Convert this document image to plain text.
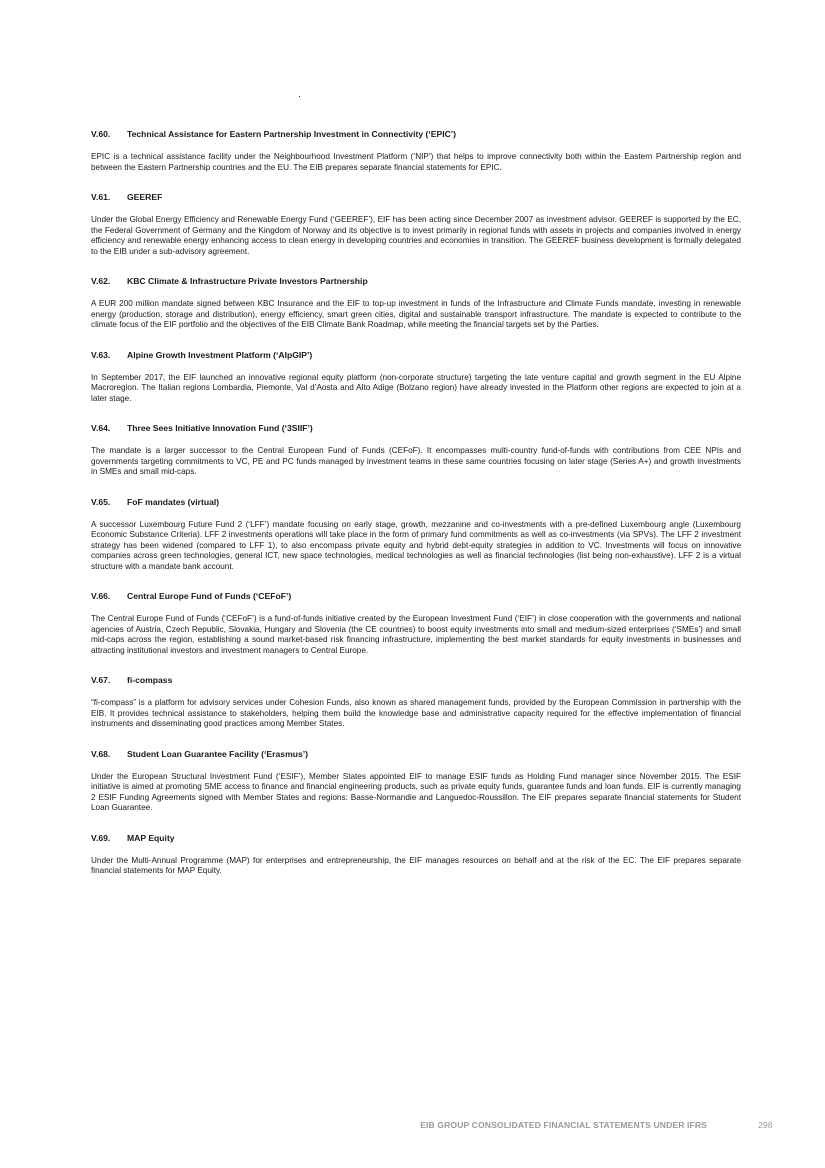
V.60. Technical Assistance for Eastern Partnership Investment in Connectivity (‘EPIC’)

EPIC is a technical assistance facility under the Neighbourhood Investment Platform (‘NIP’) that helps to improve connectivity both within the Eastern Partnership region and between the Eastern Partnership countries and the EU. The EIB prepares separate financial statements for EPIC.

V.61. GEEREF

Under the Global Energy Efficiency and Renewable Energy Fund (‘GEEREF’), EIF has been acting since December 2007 as investment advisor. GEEREF is supported by the EC, the Federal Government of Germany and the Kingdom of Norway and its objective is to invest primarily in regional funds with assets in projects and companies involved in energy efficiency and renewable energy enhancing access to clean energy in developing countries and economies in transition. The GEEREF business development is formally delegated to the EIB under a sub-advisory agreement.

V.62. KBC Climate & Infrastructure Private Investors Partnership

A EUR 200 million mandate signed between KBC Insurance and the EIF to top-up investment in funds of the Infrastructure and Climate Funds mandate, investing in renewable energy (production, storage and distribution), energy efficiency, smart green cities, digital and sustainable transport infrastructure. The mandate is expected to contribute to the climate focus of the EIF portfolio and the objectives of the EIB Climate Bank Roadmap, while meeting the financial targets set by the Parties.

V.63. Alpine Growth Investment Platform (‘AlpGIP’)

In September 2017, the EIF launched an innovative regional equity platform (non-corporate structure) targeting the late venture capital and growth segment in the EU Alpine Macroregion. The Italian regions Lombardia, Piemonte, Val d’Aosta and Alto Adige (Bolzano region) have already invested in the Platform other regions are expected to join at a later stage.

V.64. Three Sees Initiative Innovation Fund (‘3SIIF’)

The mandate is a larger successor to the Central European Fund of Funds (CEFoF). It encompasses multi-country fund-of-funds with contributions from CEE NPIs and governments targeting commitments to VC, PE and PC funds managed by investment teams in these same countries focusing on later stage (Series A+) and growth investments in SMEs and small mid-caps.

V.65. FoF mandates (virtual)

A successor Luxembourg Future Fund 2 (‘LFF’) mandate focusing on early stage, growth, mezzanine and co-investments with a pre-defined Luxembourg angle (Luxembourg Economic Substance Criteria). LFF 2 investments operations will take place in the form of primary fund commitments as well as co-investments (via SPVs). The LFF 2 investment strategy has been widened (compared to LFF 1), to also encompass private equity and hybrid debt-equity strategies in addition to VC. Investments will focus on innovative companies across green technologies, general ICT, new space technologies, medical technologies as well as financial technologies (list being non-exhaustive). LFF 2 is a virtual structure with a mandate bank account.

V.66. Central Europe Fund of Funds (‘CEFoF’)

The Central Europe Fund of Funds (‘CEFoF’) is a fund-of-funds initiative created by the European Investment Fund (‘EIF’) in close cooperation with the governments and national agencies of Austria, Czech Republic, Slovakia, Hungary and Slovenia (the CE countries) to boost equity investments into small and medium-sized enterprises (‘SMEs’) and small mid-caps across the region, establishing a sound market-based risk financing infrastructure, implementing the best market standards for equity investments in businesses and attracting institutional investors and investment managers to Central Europe.

V.67. fi-compass

“fi-compass” is a platform for advisory services under Cohesion Funds, also known as shared management funds, provided by the European Commission in partnership with the EIB. It provides technical assistance to stakeholders, helping them build the knowledge base and administrative capacity required for the effective implementation of financial instruments and disseminating good practices among Member States.

V.68. Student Loan Guarantee Facility (‘Erasmus’)

Under the European Structural Investment Fund (‘ESIF’), Member States appointed EIF to manage ESIF funds as Holding Fund manager since November 2015. The ESIF initiative is aimed at promoting SME access to finance and financial engineering products, such as private equity funds, guarantee funds and loan funds. EIF is currently managing 2 ESIF Funding Agreements signed with Member States and regions: Basse-Normandie and Languedoc-Roussillon. The EIF prepares separate financial statements for Student Loan Guarantee.

V.69. MAP Equity

Under the Multi-Annual Programme (MAP) for enterprises and entrepreneurship, the EIF manages resources on behalf and at the risk of the EC. The EIF prepares separate financial statements for MAP Equity.

EIB GROUP CONSOLIDATED FINANCIAL STATEMENTS UNDER IFRS	298
